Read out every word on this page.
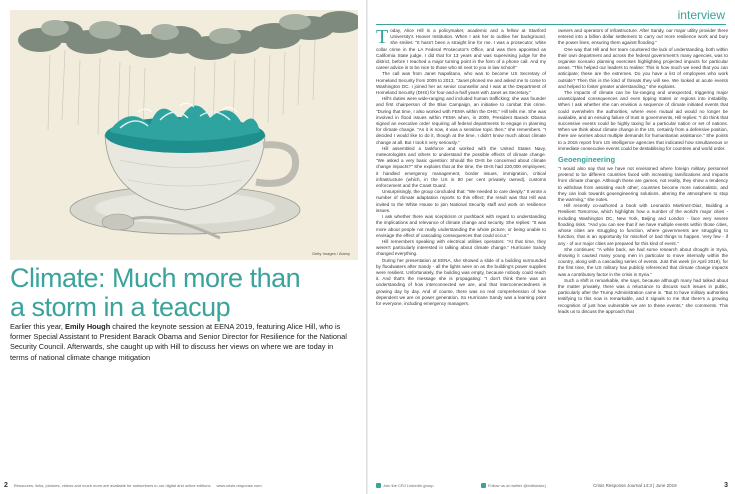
Getty Images / Alamy
Climate: Much more than
a storm in a teacup

Earlier this year, Emily Hough chaired the keynote session at EENA 2019, featuring Alice Hill, who is former Special Assistant to President Barack Obama and Senior Director for Resilience for the National Security Council. Afterwards, she caught up with Hill to discuss her views on where we are today in terms of national climate change mitigation

2 Resources, links, pictures, videos and much more are available for subscribers in our digital and online editions www.crisis-response.com
interview

Today, Alice Hill is a policymaker, academic and a fellow at Stanford University's Hoover Institution. When I ask her to outline her background, she smiles: "It hasn't been a straight line for me. I was a prosecutor, white collar crime in the LA Federal Prosecutor's Office, and was then appointed as California State judge. I did that for 13 years and was supervising judge for the district, before I reached a major turning point in the form of a phone call. And my career advice is to be nice to those who sit next to you in law school!"

The call was from Janet Napolitano, who was to become US Secretary of Homeland Security from 2009 to 2013, "Janet phoned me and asked me to come to Washington DC. I joined her as senior counsellor and I was at the Department of Homeland Security (DHS) for four-and-a-half years with Janet as Secretary."

Hill's duties were wide-ranging and included human trafficking; she was founder and first chairperson of the Blue Campaign, an initiative to combat this crime. "During that time, I also worked with FEMA within the DHS," Hill tells me. She was involved in flood issues within FEMA when, in 2009, President Barack Obama signed an executive order requiring all federal departments to engage in planning for climate change. "As it is now, it was a sensitive topic then," she remembers. "I decided I would like to do it, though at the time, I didn't know much about climate change at all. But I took it very seriously."

Hill assembled a taskforce and worked with the United States Navy, meteorologists and others to understand the possible effects of climate change. "We asked a very basic question: Should the DHS be concerned about climate change impacts?" She explains that at the time, the DHS had 220,000 employees; it handled emergency management, border issues, immigration, critical infrastructure (which, in the US is 90 per cent privately owned), customs enforcement and the Coast Guard.

Unsurprisingly, the group concluded that: "We needed to care deeply." It wrote a number of climate adaptation reports to this effect; the result was that Hill was invited to the White House to join National Security staff and work on resilience issues.

I ask whether there was scepticism or pushback with regard to understanding the implications and relevance of climate change and security. She replies: "It was more about people not really understanding the whole picture, or being unable to envisage the effect of cascading consequences that could occur."

Hill remembers speaking with electrical utilities operators: "At that time, they weren't particularly interested in talking about climate change." Hurricane Sandy changed everything.

During her presentation at EENA, she showed a slide of a building surrounded by floodwaters after Sandy - all the lights were on as the building's power supplies were resilient. Unfortunately, the building was empty, because nobody could reach it. And that's the message she is propagating: "I don't think there was an understanding of how interconnected we are, and that interconnectedness is growing day by day. And of course, there was no real comprehension of how dependent we are on power generation. So Hurricane Sandy was a learning point for everyone, including emergency managers,

owners and operators of infrastructure. After Sandy, our major utility provider there entered into a billion dollar settlement to carry out more resilience work and bury the power lines, ensuring them against flooding."

One way that Hill and her team countered the lack of understanding, both within their own department and across the federal government's many agencies, was to organise scenario planning exercises highlighting projected impacts for particular areas. "This helped our leaders to realise: This is how much we need that you can anticipate; these are the extremes. Do you have a list of employees who work outside? Then this is the kind of threats they will see. We looked at acute events and helped to foster greater understanding," she explains.

The impacts of climate can be far-ranging and unexpected, triggering major unanticipated consequences and even tipping states or regions into instability. When I ask whether she can envision a sequence of climate initiated events that could overwhelm the authorities, where even mutual aid would no longer be available, and an ensuing failure of trust in governments, Hill replies: "I do think that successive events could be highly taxing for a particular nation or set of nations. When we think about climate change in the US, certainly from a defensive position, there are worries about multiple demands for humanitarian assistance." She points to a 2016 report from US intelligence agencies that indicated how simultaneous or immediate consecutive events could be destabilising for countries and world order.

Geoengineering

"I would also say that we have not envisioned where foreign military personnel pretend to be different countries faced with increasing ramifications and impacts from climate change. Although these are games, not reality, they show a tendency to withdraw from assisting each other; countries become more nationalistic, and they can look towards geoengineering solutions, altering the atmosphere to stop the warming," she notes.

Hill recently co-authored a book with Leonardo Martinez-Diaz, Building a Resilient Tomorrow, which highlights how a number of the world's major cities - including Washington DC, New York, Beijing and London - face very severe flooding risks. "And you can see that if we have multiple events within those cities, whose cities are struggling to function, where governments are struggling to function, that is an opportunity for mischief or bad things to happen. Very few - if any - of our major cities are prepared for this kind of event."

She continues: "A while back, we had some research about drought in Syria, showing it caused many young men in particular to move internally within the country, along with a cascading series of events. Just this week (in April 2019), for the first time, the US military has publicly referenced that climate change impacts was a contributory factor in the crisis in Syria."

Such a shift is remarkable, she says, because although many had talked about the matter privately, there was a reluctance to discuss such issues in public, particularly after the Trump Administration came in. "But to have military authorities testifying to this now is remarkable, and it signals to me that there's a growing recognition of just how vulnerable we are to these events," she comments. This leads us to discuss the approach that

Join the CRJ LinkedIn group	Follow us on twitter @editorialcrj	Crisis Response Journal 14:3 | June 2019	3
